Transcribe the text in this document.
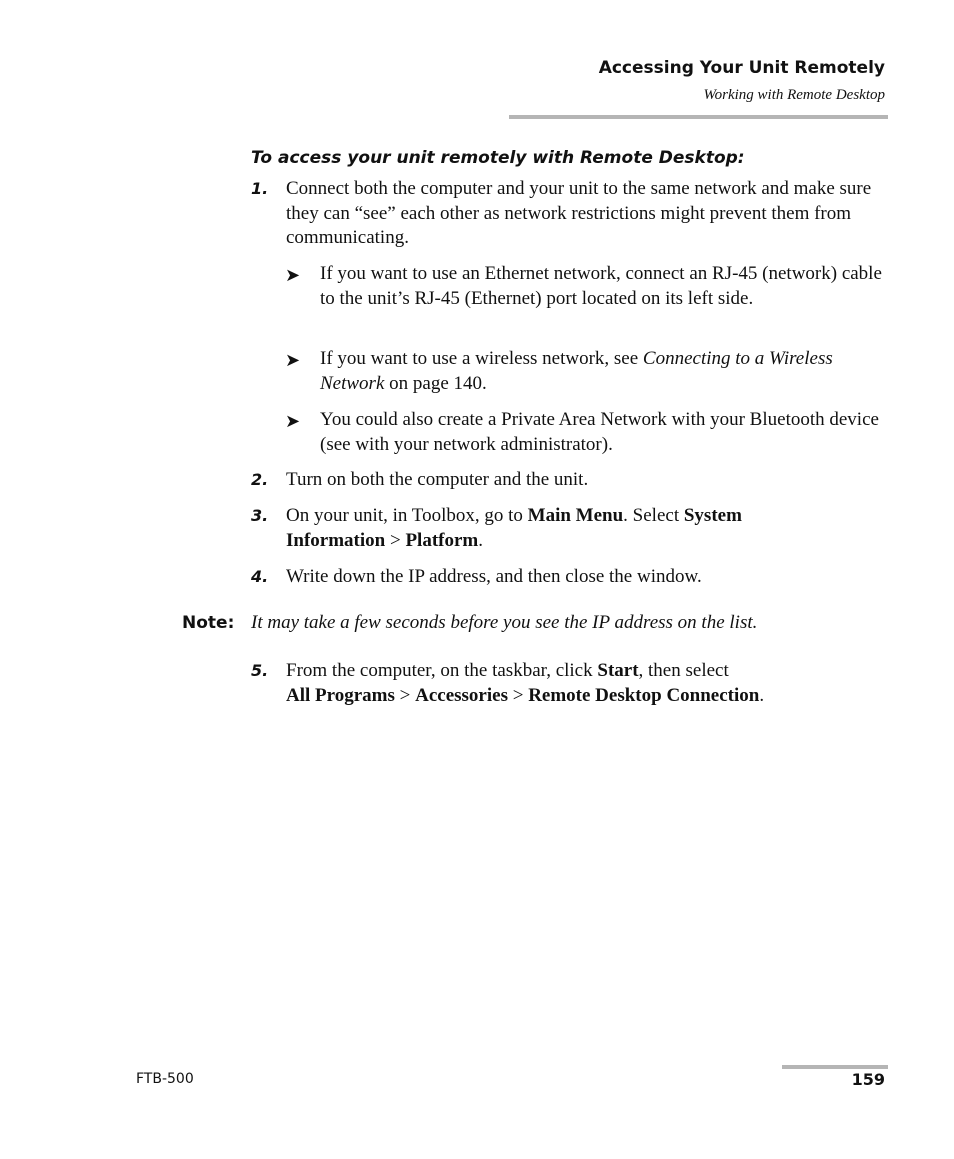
Accessing Your Unit Remotely
Working with Remote Desktop
To access your unit remotely with Remote Desktop:
1. Connect both the computer and your unit to the same network and make sure they can “see” each other as network restrictions might prevent them from communicating.
➤ If you want to use an Ethernet network, connect an RJ-45 (network) cable to the unit’s RJ-45 (Ethernet) port located on its left side.
➤ If you want to use a wireless network, see Connecting to a Wireless Network on page 140.
➤ You could also create a Private Area Network with your Bluetooth device (see with your network administrator).
2. Turn on both the computer and the unit.
3. On your unit, in Toolbox, go to Main Menu. Select System Information > Platform.
4. Write down the IP address, and then close the window.
Note: It may take a few seconds before you see the IP address on the list.
5. From the computer, on the taskbar, click Start, then select
All Programs > Accessories > Remote Desktop Connection.
FTB-500	159
